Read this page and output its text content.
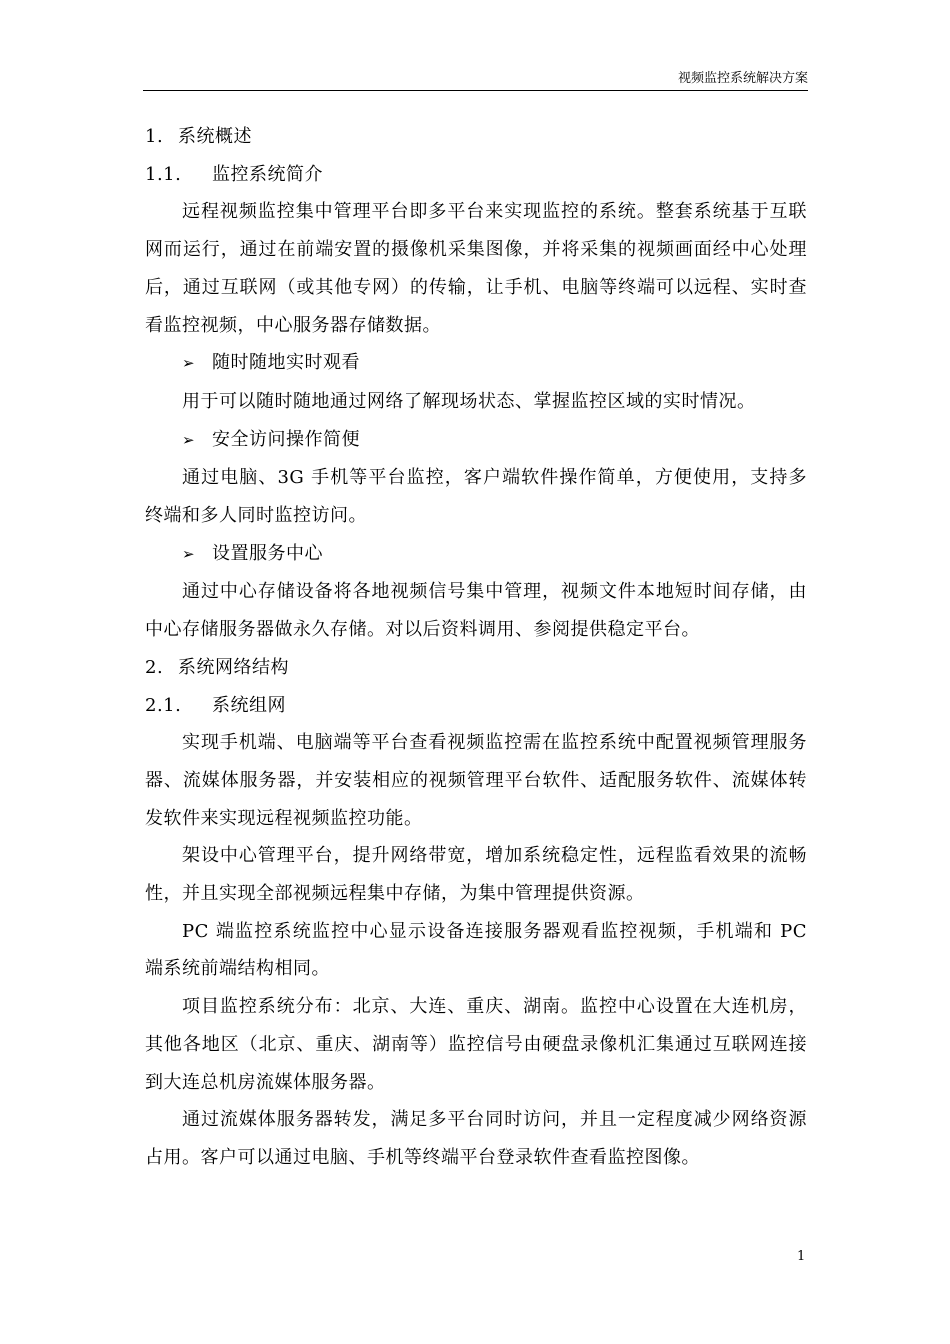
视频监控系统解决方案
1. 系统概述
1.1. 监控系统简介

远程视频监控集中管理平台即多平台来实现监控的系统。整套系统基于互联网而运行，通过在前端安置的摄像机采集图像，并将采集的视频画面经中心处理后，通过互联网（或其他专网）的传输，让手机、电脑等终端可以远程、实时查看监控视频，中心服务器存储数据。

➢ 随时随地实时观看

用于可以随时随地通过网络了解现场状态、掌握监控区域的实时情况。

➢ 安全访问操作简便

通过电脑、3G 手机等平台监控，客户端软件操作简单，方便使用，支持多终端和多人同时监控访问。

➢ 设置服务中心

通过中心存储设备将各地视频信号集中管理，视频文件本地短时间存储，由中心存储服务器做永久存储。对以后资料调用、参阅提供稳定平台。

2. 系统网络结构
2.1. 系统组网

实现手机端、电脑端等平台查看视频监控需在监控系统中配置视频管理服务器、流媒体服务器，并安装相应的视频管理平台软件、适配服务软件、流媒体转发软件来实现远程视频监控功能。

架设中心管理平台，提升网络带宽，增加系统稳定性，远程监看效果的流畅性，并且实现全部视频远程集中存储，为集中管理提供资源。

PC 端监控系统监控中心显示设备连接服务器观看监控视频，手机端和 PC 端系统前端结构相同。

项目监控系统分布：北京、大连、重庆、湖南。监控中心设置在大连机房，其他各地区（北京、重庆、湖南等）监控信号由硬盘录像机汇集通过互联网连接到大连总机房流媒体服务器。

通过流媒体服务器转发，满足多平台同时访问，并且一定程度减少网络资源占用。客户可以通过电脑、手机等终端平台登录软件查看监控图像。

1
